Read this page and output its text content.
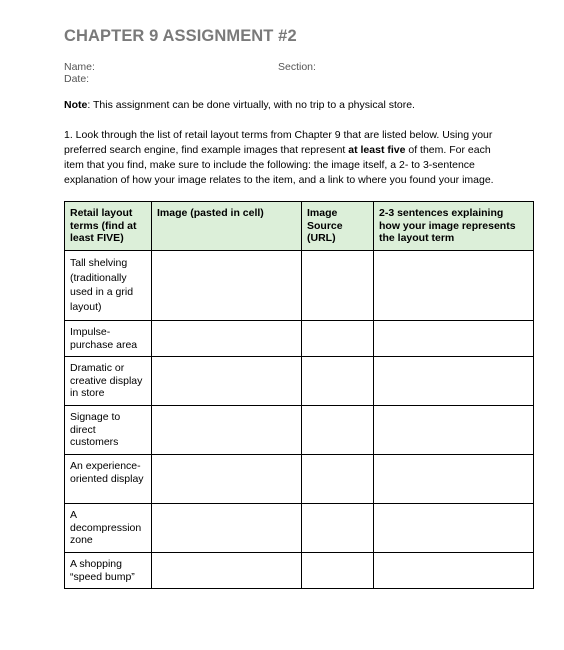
CHAPTER 9 ASSIGNMENT #2
Name:	Section:
Date:
Note: This assignment can be done virtually, with no trip to a physical store.

1. Look through the list of retail layout terms from Chapter 9 that are listed below. Using your

preferred search engine, find example images that represent at least five of them. For each

item that you find, make sure to include the following: the image itself, a 2- to 3-sentence

explanation of how your image relates to the item, and a link to where you found your image.

Retail layout terms (find at least FIVE)	Image (pasted in cell)	Image Source (URL)	2-3 sentences explaining how your image represents the layout term
Tall shelving (traditionally used in a grid layout)			
Impulse-purchase area			
Dramatic or creative display in store			
Signage to direct customers			
An experience-oriented display			
A decompression zone			
A shopping “speed bump”			
